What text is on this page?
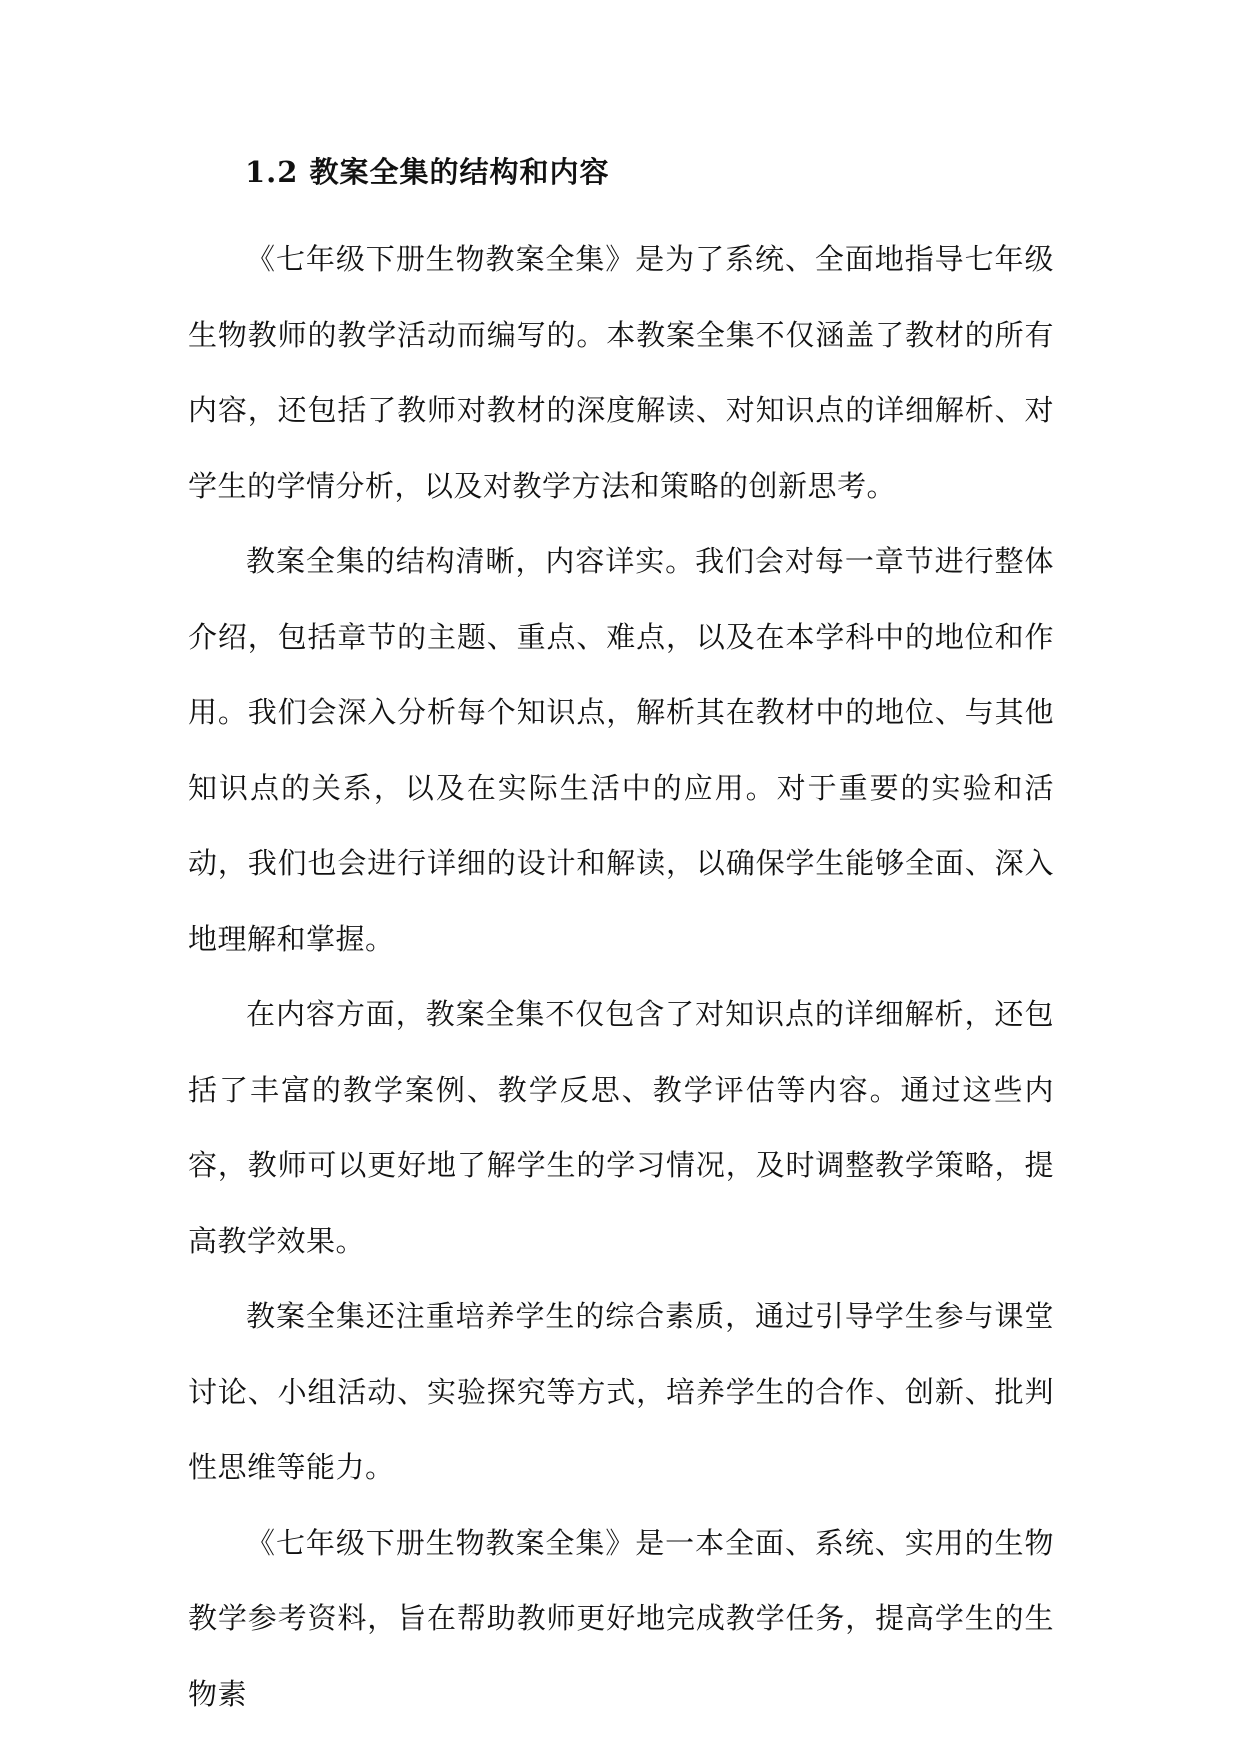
1.2 教案全集的结构和内容

《七年级下册生物教案全集》是为了系统、全面地指导七年级生物教师的教学活动而编写的。本教案全集不仅涵盖了教材的所有内容，还包括了教师对教材的深度解读、对知识点的详细解析、对学生的学情分析，以及对教学方法和策略的创新思考。

教案全集的结构清晰，内容详实。我们会对每一章节进行整体介绍，包括章节的主题、重点、难点，以及在本学科中的地位和作用。我们会深入分析每个知识点，解析其在教材中的地位、与其他知识点的关系，以及在实际生活中的应用。对于重要的实验和活动，我们也会进行详细的设计和解读，以确保学生能够全面、深入地理解和掌握。

在内容方面，教案全集不仅包含了对知识点的详细解析，还包括了丰富的教学案例、教学反思、教学评估等内容。通过这些内容，教师可以更好地了解学生的学习情况，及时调整教学策略，提高教学效果。

教案全集还注重培养学生的综合素质，通过引导学生参与课堂讨论、小组活动、实验探究等方式，培养学生的合作、创新、批判性思维等能力。

《七年级下册生物教案全集》是一本全面、系统、实用的生物教学参考资料，旨在帮助教师更好地完成教学任务，提高学生的生物素
